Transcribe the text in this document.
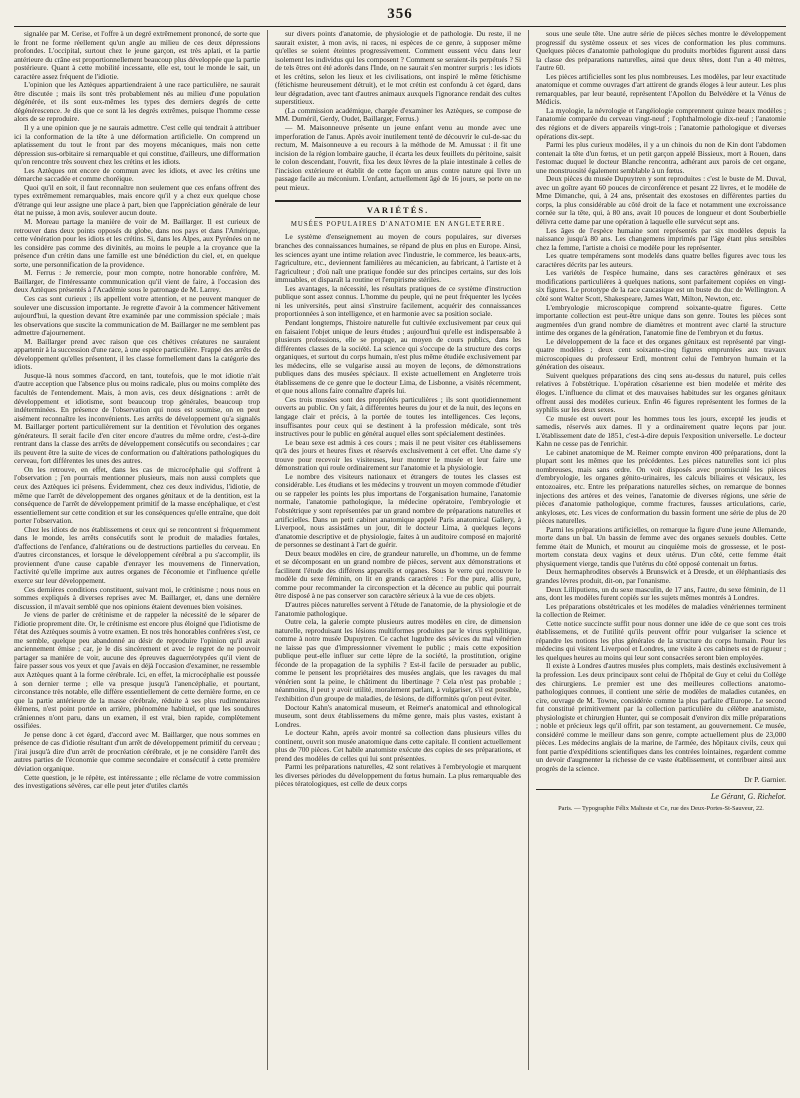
356

signalée par M. Cerise, et l'offre à un degré extrêmement prononcé, de sorte que le front ne forme réellement qu'un angle au milieu de ces deux dépressions profondes. L'occipital, surtout chez le jeune garçon, est très aplati, et la partie antérieure du crâne est proportionnellement beaucoup plus développée que la partie postérieure. Quant à cette mobilité incessante, elle est, tout le monde le sait, un caractère assez fréquent de l'idiotie.

L'opinion que les Aztèques appartiendraient à une race particulière, ne saurait être discutée ; mais ils sont très probablement nés au milieu d'une population dégénérée, et ils sont eux-mêmes les types des derniers degrés de cette dégénérescence. Je dis que ce sont là les degrés extrêmes, puisque l'homme cesse alors de se reproduire.

Il y a une opinion que je ne saurais admettre. C'est celle qui tendrait à attribuer ici la conformation de la tête à une déformation artificielle. On comprend un aplatissement du tout le front par des moyens mécaniques, mais non cette dépression sus-orbitaire si remarquable et qui constitue, d'ailleurs, une difformation qu'on rencontre très souvent chez les crétins et les idiots.

Les Aztèques ont encore de commun avec les idiots, et avec les crétins une démarche saccadée et comme choréique.

Quoi qu'il en soit, il faut reconnaître non seulement que ces enfans offrent des types extrêmement remarquables, mais encore qu'il y a chez eux quelque chose d'étrange qui leur assigne une place à part, bien que l'appréciation générale de leur état ne puisse, à mon avis, soulever aucun doute.

M. Moreau partage la manière de voir de M. Baillarger. Il est curieux de retrouver dans deux points opposés du globe, dans nos pays et dans l'Amérique, cette vénération pour les idiots et les crétins. Si, dans les Alpes, aux Pyrénées on ne les considère pas comme des divinités, au moins le peuple a la croyance que la présence d'un crétin dans une famille est une bénédiction du ciel, et, en quelque sorte, une personnification de la providence.

M. Ferrus : Je remercie, pour mon compte, notre honorable confrère, M. Baillarger, de l'intéressante communication qu'il vient de faire, à l'occasion des deux Aztèques présentés à l'Académie sous le patronage de M. Larrey.

Ces cas sont curieux ; ils appellent votre attention, et ne peuvent manquer de soulever une discussion importante. Je regrette d'avoir à la commencer hâtivement aujourd'hui, la question devant être examinée par une commission spéciale ; mais les observations que suscite la communication de M. Baillarger ne me semblent pas admettre d'ajournement.

M. Baillarger prend avec raison que ces chétives créatures ne sauraient appartenir à la succession d'une race, à une espèce particulière. Frappé des arrêts de développement qu'elles présentent, il les classe formellement dans la catégorie des idiots.

Jusque-là nous sommes d'accord, en tant, toutefois, que le mot idiotie n'ait d'autre acception que l'absence plus ou moins radicale, plus ou moins complète des facultés de l'entendement. Mais, à mon avis, ces deux désignations : arrêt de développement et idiotisme, sont beaucoup trop générales, beaucoup trop indéterminées. En présence de l'observation qui nous est soumise, on en peut aisément reconnaître les inconvénients. Les arrêts de développement qu'a signalés M. Baillarger portent particulièrement sur la dentition et l'évolution des organes générateurs. Il serait facile d'en citer encore d'autres du même ordre, c'est-à-dire rentrant dans la classe des arrêts de développement consécutifs ou secondaires ; car ils peuvent être la suite de vices de conformation ou d'altérations pathologiques du cerveau, fort différentes les unes des autres.

On les retrouve, en effet, dans les cas de microcéphalie qui s'offrent à l'observation ; j'en pourrais mentionner plusieurs, mais non aussi complets que ceux des Aztèques ici présens. Évidemment, chez ces deux individus, l'idiotie, de même que l'arrêt de développement des organes génitaux et de la dentition, est la conséquence de l'arrêt de développement primitif de la masse encéphalique, et c'est essentiellement sur cette condition et sur les conséquences qu'elle entraîne, que doit porter l'observation.

Chez les idiots de nos établissemens et ceux qui se rencontrent si fréquemment dans le monde, les arrêts consécutifs sont le produit de maladies fœtales, d'affections de l'enfance, d'altérations ou de destructions partielles du cerveau. En d'autres circonstances, et lorsque le développement cérébral a pu s'accomplir, ils proviennent d'une cause capable d'enrayer les mouvemens de l'innervation, l'activité qu'elle imprime aux autres organes de l'économie et l'influence qu'elle exerce sur leur développement.

Ces dernières conditions constituent, suivant moi, le crétinisme ; nous nous en sommes expliqués à diverses reprises avec M. Baillarger, et, dans une dernière discussion, il m'avait semblé que nos opinions étaient devenues bien voisines.

Je viens de parler de crétinisme et de rappeler la nécessité de le séparer de l'idiotie proprement dite. Or, le crétinisme est encore plus éloigné que l'idiotisme de l'état des Aztèques soumis à votre examen. Et nos très honorables confrères s'est, ce me semble, quelque peu abandonné au désir de reproduire l'opinion qu'il avait anciennement émise ; car, je le dis sincèrement et avec le regret de ne pouvoir partager sa manière de voir, aucune des épreuves daguerréotypées qu'il vient de faire passer sous vos yeux et que j'avais en déjà l'occasion d'examiner, ne ressemble aux Aztèques quant à la forme cérébrale. Ici, en effet, la microcéphalie est poussée à son dernier terme ; elle va presque jusqu'à l'anencéphalie, et pourtant, circonstance très notable, elle diffère essentiellement de cette dernière forme, en ce que la partie antérieure de la masse cérébrale, réduite à ses plus rudimentaires élémens, n'est point portée en arrière, phénomène habituel, et que les soudures crâniennes n'ont paru, dans un examen, il est vrai, bien rapide, complètement ossifiées.

Je pense donc à cet égard, d'accord avec M. Baillarger, que nous sommes en présence de cas d'idiotie résultant d'un arrêt de développement primitif du cerveau ; j'irai jusqu'à dire d'un arrêt de procréation cérébrale, et je ne considère l'arrêt des autres parties de l'économie que comme secondaire et consécutif à cette première déviation organique.

Cette question, je le répète, est intéressante ; elle réclame de votre commission des investigations sévères, car elle peut jeter d'utiles clartés

sur divers points d'anatomie, de physiologie et de pathologie. Du reste, il ne saurait exister, à mon avis, ni races, ni espèces de ce genre, à supposer même qu'elles se soient éteintes progressivement. Comment eussent vécu dans leur isolement les individus qui les composent ? Comment se seraient-ils perpétués ? Si de tels êtres ont été adorés dans l'Inde, on ne saurait s'en montrer surpris : les idiots et les crétins, selon les lieux et les civilisations, ont inspiré le même fétichisme (fétichisme heureusement détruit), et le mot crétin est confondu à cet égard, dans leur dégradation, avec tant d'autres animaux auxquels l'ignorance rendait des cultes superstitieux.

(La commission académique, chargée d'examiner les Aztèques, se compose de MM. Duméril, Gerdy, Oudet, Baillarger, Ferrus.)

— M. Maisonneuve présente un jeune enfant venu au monde avec une imperforation de l'anus. Après avoir inutilement tenté de découvrir le cul-de-sac du rectum, M. Maisonneuve a eu recours à la méthode de M. Amussat : il fit une incision de la région lombaire gauche, il écarta les deux feuillets du péritoine, saisit le colon descendant, l'ouvrit, fixa les deux lèvres de la plaie intestinale à celles de l'incision extérieure et établit de cette façon un anus contre nature qui livre un passage facile au méconium. L'enfant, actuellement âgé de 16 jours, se porte on ne peut mieux.

VARIÉTÉS.
MUSÉES POPULAIRES D'ANATOMIE EN ANGLETERRE.

Le système d'enseignement au moyen de cours populaires, sur diverses branches des connaissances humaines, se répand de plus en plus en Europe. Ainsi, les sciences ayant une intime relation avec l'industrie, le commerce, les beaux-arts, l'agriculture, etc., deviennent familières au mécanicien, au fabricant, à l'artiste et à l'agriculteur ; d'où naît une pratique fondée sur des principes certains, sur des lois immuables, et disparaît la routine et l'empirisme stériles.

Les avantages, la nécessité, les résultats pratiques de ce système d'instruction publique sont assez connus. L'homme du peuple, qui ne peut fréquenter les lycées ni les universités, peut ainsi s'instruire facilement, acquérir des connaissances proportionnées à son intelligence, et en harmonie avec sa position sociale.

Pendant longtemps, l'histoire naturelle fut cultivée exclusivement par ceux qui en faisaient l'objet unique de leurs études ; aujourd'hui qu'elle est indispensable à plusieurs professions, elle se propage, au moyen de cours publics, dans les différentes classes de la société. La science qui s'occupe de la structure des corps organiques, et surtout du corps humain, n'est plus même étudiée exclusivement par les médecins, elle se vulgarise aussi au moyen de leçons, de démonstrations publiques dans des musées spéciaux. Il existe actuellement en Angleterre trois établissemens de ce genre que le docteur Lima, de Lisbonne, a visités récemment, et que nous allons faire connaître d'après lui.

Ces trois musées sont des propriétés particulières ; ils sont quotidiennement ouverts au public. On y fait, à différentes heures du jour et de la nuit, des leçons en langage clair et précis, à la portée de toutes les intelligences. Ces leçons, insuffisantes pour ceux qui se destinent à la profession médicale, sont très instructives pour le public en général auquel elles sont spécialement destinées.

Le beau sexe est admis à ces cours ; mais il ne peut visiter ces établissemens qu'à des jours et heures fixes et réservés exclusivement à cet effet. Une dame s'y trouve pour recevoir les visiteuses, leur montrer le musée et leur faire une démonstration qui roule ordinairement sur l'anatomie et la physiologie.

Le nombre des visiteurs nationaux et étrangers de toutes les classes est considérable. Les étudians et les médecins y trouvent un moyen commode d'étudier ou se rappeler les points les plus importans de l'organisation humaine, l'anatomie normale, l'anatomie pathologique, la médecine opératoire, l'embryologie et l'obstétrique y sont représentées par un grand nombre de préparations naturelles et artificielles. Dans un petit cabinet anatomique appelé Paris anatomical Gallery, à Liverpool, nous assistâmes un jour, dit le docteur Lima, à quelques leçons d'anatomie descriptive et de physiologie, faites à un auditoire composé en majorité de personnes se destinant à l'art de guérir.

Deux beaux modèles en cire, de grandeur naturelle, un d'homme, un de femme et se décomposant en un grand nombre de pièces, servent aux démonstrations et facilitent l'étude des différens appareils et organes. Sous le verre qui recouvre le modèle du sexe féminin, on lit en grands caractères : For the pure, allis pure, comme pour recommander la circonspection et la décence au public qui pourrait être disposé à ne pas conserver son caractère sérieux à la vue de ces objets.

D'autres pièces naturelles servent à l'étude de l'anatomie, de la physiologie et de l'anatomie pathologique.

Outre cela, la galerie compte plusieurs autres modèles en cire, de dimension naturelle, reproduisant les lésions multiformes produites par le virus syphilitique, comme à notre musée Dupuytren. Ce cachet lugubre des sévices du mal vénérien ne laisse pas que d'impressionner vivement le public ; mais cette exposition publique peut-elle influer sur cette lèpre de la société, la prostitution, origine féconde de la propagation de la syphilis ? Est-il facile de persuader au public, comme le pensent les propriétaires des musées anglais, que les ravages du mal vénérien sont la peine, le châtiment du libertinage ? Cela n'est pas probable ; néanmoins, il peut y avoir utilité, moralement parlant, à vulgariser, s'il est possible, l'exhibition d'un groupe de maladies, de lésions, de difformités qu'on peut éviter.

Doctour Kahn's anatomical museum, et Reimer's anatomical and ethnological museum, sont deux établissemens du même genre, mais plus vastes, existant à Londres.

Le docteur Kahn, après avoir montré sa collection dans plusieurs villes du continent, ouvrit son musée anatomique dans cette capitale. Il contient actuellement plus de 700 pièces. Cet habile anatomiste exécute des copies de ses préparations, et prend des modèles de celles qui lui sont présentées.

Parmi les préparations naturelles, 42 sont relatives à l'embryologie et marquent les diverses périodes du développement du fœtus humain. La plus remarquable des pièces tératologiques, est celle de deux corps

sous une seule tête. Une autre série de pièces sèches montre le développement progressif du système osseux et ses vices de conformation les plus communs. Quelques pièces d'anatomie pathologique du produits morbides figurent aussi dans la classe des préparations naturelles, ainsi que deux têtes, dont l'un a 40 mètres, l'autre 60.

Les pièces artificielles sont les plus nombreuses. Les modèles, par leur exactitude anatomique et comme ouvrages d'art attirent de grands éloges à leur auteur. Les plus remarquables, par leur beauté, représentent l'Apollon du Belvédère et la Vénus de Médicis.

La myologie, la névrologie et l'angéiologie comprennent quinze beaux modèles ; l'anatomie comparée du cerveau vingt-neuf ; l'ophthalmologie dix-neuf ; l'anatomie des régions et de divers appareils vingt-trois ; l'anatomie pathologique et diverses opérations dix-sept.

Parmi les plus curieux modèles, il y a un chinois du non de Kin dont l'abdomen contenait la tête d'un fœtus, et un petit garçon appelé Bissieux, mort à Rouen, dans l'estomac duquel le docteur Blanche rencontra, adhérant aux parois de cet organe, une monstruosité également semblable à un fœtus.

Deux pièces du musée Dupuytren y sont reproduites : c'est le buste de M. Duval, avec un goître ayant 60 pouces de circonférence et pesant 22 livres, et le modèle de Mme Dimanche, qui, à 24 ans, présentait des exostoses en différentes parties du corps, la plus considérable au côté droit de la face et notamment une excroissance cornée sur la tête, qui, à 80 ans, avait 10 pouces de longueur et dont Souberbielle délivra cette dame par une opération à laquelle elle survécut sept ans.

Les âges de l'espèce humaine sont représentés par six modèles depuis la naissance jusqu'à 80 ans. Les changemens imprimés par l'âge étant plus sensibles chez la femme, l'artiste a choisi ce modèle pour les représenter.

Les quatre tempéramens sont modelés dans quatre belles figures avec tous les caractères décrits par les auteurs.

Les variétés de l'espèce humaine, dans ses caractères généraux et ses modifications particulières à quelques nations, sont parfaitement copiées en vingt-six figures. Le prototype de la race caucasique est un buste du duc de Wellington. A côté sont Walter Scott, Shakespeare, James Watt, Milton, Newton, etc.

L'embryologie microscopique comprend soixante-quatre figures. Cette importante collection est peut-être unique dans son genre. Toutes les pièces sont augmentées d'un grand nombre de diamètres et montrent avec clarté la structure intime des organes de la génération, l'anatomie fine de l'embryon et du fœtus.

Le développement de la face et des organes génitaux est représenté par vingt-quatre modèles ; deux cent soixante-cinq figures empruntées aux travaux microscopiques du professeur Erdl, montrent celui de l'embryon humain et la génération des oiseaux.

Suivent quelques préparations des cinq sens au-dessus du naturel, puis celles relatives à l'obstétrique. L'opération césarienne est bien modelée et mérite des éloges. L'influence du climat et des mauvaises habitudes sur les organes génitaux offrent aussi des modèles curieux. Enfin 46 figures représentent les formes de la syphilis sur les deux sexes.

Ce musée est ouvert pour les hommes tous les jours, excepté les jeudis et samedis, réservés aux dames. Il y a ordinairement quatre leçons par jour. L'établissement date de 1851, c'est-à-dire depuis l'exposition universelle. Le docteur Kahn ne cesse pas de l'enrichir.

Le cabinet anatomique de M. Reimer compte environ 400 préparations, dont la plupart sont les mêmes que les précédentes. Les pièces naturelles sont ici plus nombreuses, mais sans ordre. On voit disposés avec promiscuité les pièces d'embryologie, les organes génito-urinaires, les calculs biliaires et vésicaux, les entozoaires, etc. Entre les préparations naturelles sèches, on remarque de bonnes injections des artères et des veines, l'anatomie de diverses régions, une série de pièces d'anatomie pathologique, comme fractures, fausses articulations, carie, ankyloses, etc. Les vices de conformation du bassin forment une série de plus de 20 pièces naturelles.

Parmi les préparations artificielles, on remarque la figure d'une jeune Allemande, morte dans un bal. Un bassin de femme avec des organes sexuels doubles. Cette femme était de Munich, et mourut au cinquième mois de grossesse, et le post-mortem constata deux vagins et deux utérus. D'un côté, cette femme était physiquement vierge, tandis que l'utérus du côté opposé contenait un fœtus.

Deux hermaphrodites observés à Brunswick et à Dresde, et un éléphantiasis des grandes lèvres produit, dit-on, par l'onanisme.

Deux Lilliputiens, un du sexe masculin, de 17 ans, l'autre, du sexe féminin, de 11 ans, dont les modèles furent copiés sur les sujets mêmes montrés à Londres.

Les préparations obstétricales et les modèles de maladies vénériennes terminent la collection de Reimer.

Cette notice succincte suffit pour nous donner une idée de ce que sont ces trois établissemens, et de l'utilité qu'ils peuvent offrir pour vulgariser la science et répandre les notions les plus générales de la structure du corps humain. Pour les médecins qui visitent Liverpool et Londres, une visite à ces cabinets est de rigueur ; les quelques heures au moins qui leur sont consacrées seront bien employées.

Il existe à Londres d'autres musées plus complets, mais destinés exclusivement à la profession. Les deux principaux sont celui de l'hôpital de Guy et celui du Collège des chirurgiens. Le premier est une des meilleures collections anatomo-pathologiques connues, il contient une série de modèles de maladies cutanées, en cire, ouvrage de M. Towne, considérée comme la plus parfaite d'Europe. Le second fut constitué primitivement par la collection particulière du célèbre anatomiste, physiologiste et chirurgien Hunter, qui se composait d'environ dix mille préparations ; noble et précieux legs qu'il offrit, par son testament, au gouvernement. Ce musée, considéré comme le meilleur dans son genre, compte actuellement plus de 23,000 pièces. Les médecins anglais de la marine, de l'armée, des hôpitaux civils, ceux qui font partie d'expéditions scientifiques dans les contrées lointaines, regardent comme un devoir d'augmenter la richesse de ce vaste établissement, et contribuer ainsi aux progrès de la science.

Dr P. Garnier.
Le Gérant, G. Richelot.
Paris. — Typographie Félix Malteste et Ce, rue des Deux-Portes-St-Sauveur, 22.
